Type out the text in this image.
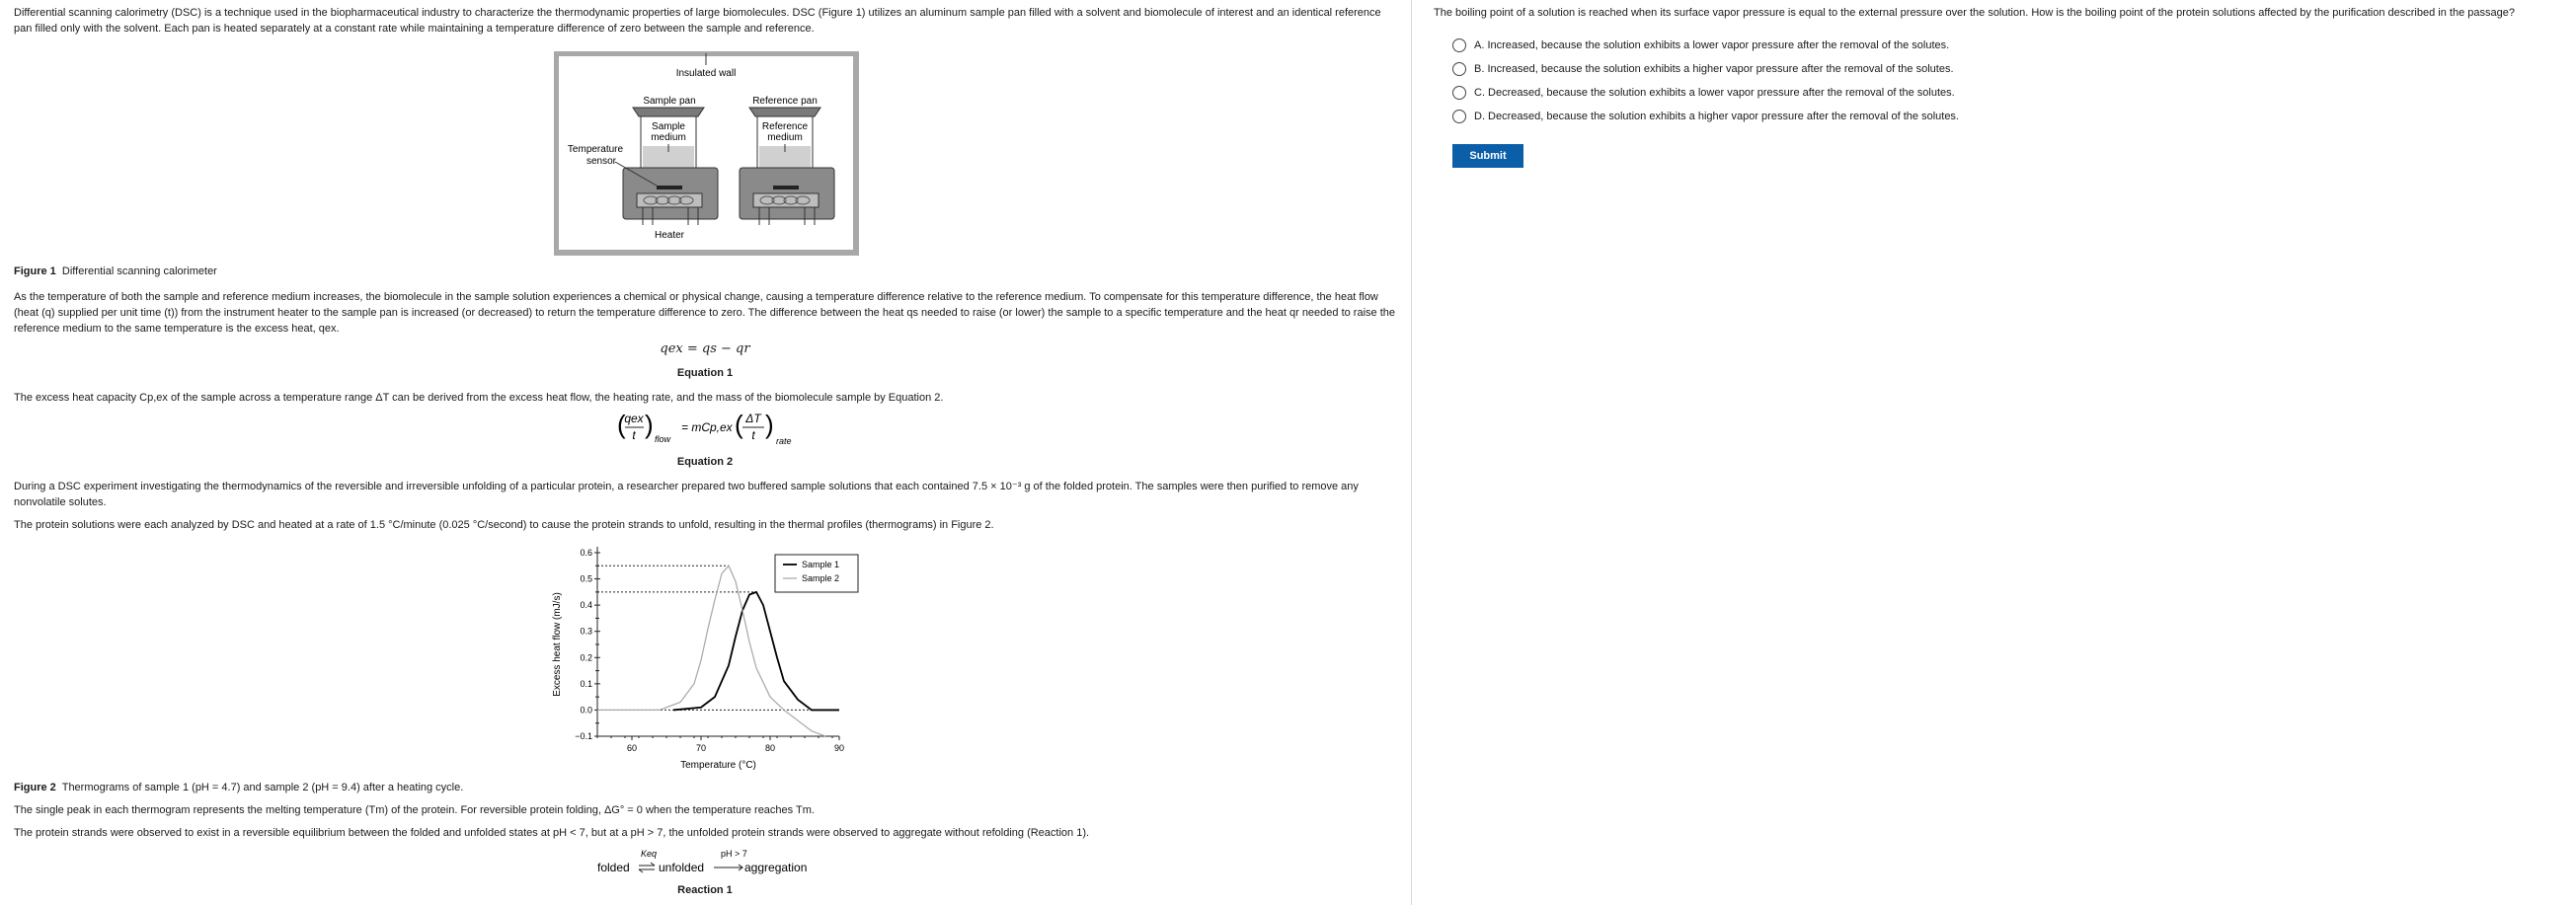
Differential scanning calorimetry (DSC) is a technique used in the biopharmaceutical industry to characterize the thermodynamic properties of large biomolecules. DSC (Figure 1) utilizes an aluminum sample pan filled with a solvent and biomolecule of interest and an identical reference pan filled only with the solvent. Each pan is heated separately at a constant rate while maintaining a temperature difference of zero between the sample and reference.

Insulated wall
Sample pan	Reference pan
Sample
medium
Reference
medium
Temperature
sensor
Heater

Figure 1 Differential scanning calorimeter

As the temperature of both the sample and reference medium increases, the biomolecule in the sample solution experiences a chemical or physical change, causing a temperature difference relative to the reference medium. To compensate for this temperature difference, the heat flow (heat (q) supplied per unit time (t)) from the instrument heater to the sample pan is increased (or decreased) to return the temperature difference to zero. The difference between the heat qs needed to raise (or lower) the sample to a specific temperature and the heat qr needed to raise the reference medium to the same temperature is the excess heat, qex.

qex = qs − qr
Equation 1

The excess heat capacity Cp,ex of the sample across a temperature range ΔT can be derived from the excess heat flow, the heating rate, and the mass of the biomolecule sample by Equation 2.

(
qex
t ) flow
= mCp,ex ( ΔT
t )
rate
Equation 2

During a DSC experiment investigating the thermodynamics of the reversible and irreversible unfolding of a particular protein, a researcher prepared two buffered sample solutions that each contained 7.5 × 10⁻³ g of the folded protein. The samples were then purified to remove any nonvolatile solutes.

The protein solutions were each analyzed by DSC and heated at a rate of 1.5 °C/minute (0.025 °C/second) to cause the protein strands to unfold, resulting in the thermal profiles (thermograms) in Figure 2.

−0.1
0.0
0.1
0.2
0.3
0.4
0.5
0.6
60	70	80	90
Temperature (°C)
Excess heat flow (mJ/s)
Sample 1
Sample 2

Figure 2 Thermograms of sample 1 (pH = 4.7) and sample 2 (pH = 9.4) after a heating cycle.

The single peak in each thermogram represents the melting temperature (Tm) of the protein. For reversible protein folding, ΔG° = 0 when the temperature reaches Tm.

The protein strands were observed to exist in a reversible equilibrium between the folded and unfolded states at pH < 7, but at a pH > 7, the unfolded protein strands were observed to aggregate without refolding (Reaction 1).

folded
Keq
unfolded
pH > 7
aggregation
Reaction 1

The boiling point of a solution is reached when its surface vapor pressure is equal to the external pressure over the solution. How is the boiling point of the protein solutions affected by the purification described in the passage?

A. Increased, because the solution exhibits a lower vapor pressure after the removal of the solutes.
B. Increased, because the solution exhibits a higher vapor pressure after the removal of the solutes.
C. Decreased, because the solution exhibits a lower vapor pressure after the removal of the solutes.
D. Decreased, because the solution exhibits a higher vapor pressure after the removal of the solutes.
Submit
